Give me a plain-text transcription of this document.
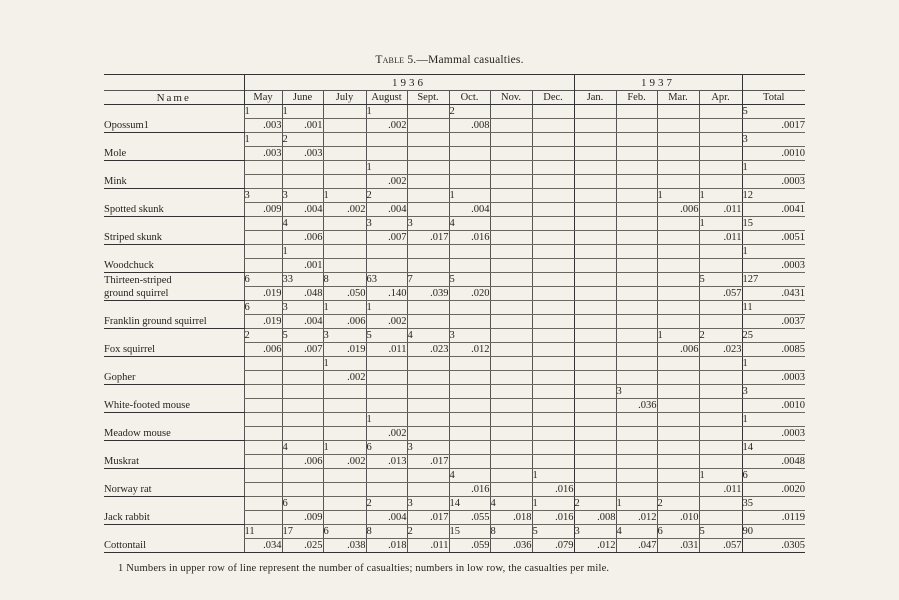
Table 5.—Mammal casualties.
	1936								1937				
Name	May	June	July	August	Sept.	Oct.	Nov.	Dec.	Jan.	Feb.	Mar.	Apr.	Total
	1	1		1		2							5
Opossum1	.003	.001		.002		.008							.0017
	1	2											3
Mole	.003	.003											.0010
				1									1
Mink				.002									.0003
	3	3	1	2		1					1	1	12
Spotted skunk	.009	.004	.002	.004		.004					.006	.011	.0041
		4		3	3	4						1	15
Striped skunk		.006		.007	.017	.016						.011	.0051
		1											1
Woodchuck		.001											.0003
Thirteen-striped	6	33	8	63	7	5						5	127
ground squirrel	.019	.048	.050	.140	.039	.020						.057	.0431
	6	3	1	1									11
Franklin ground squirrel	.019	.004	.006	.002									.0037
	2	5	3	5	4	3					1	2	25
Fox squirrel	.006	.007	.019	.011	.023	.012					.006	.023	.0085
			1										1
Gopher			.002										.0003
										3			3
White-footed mouse										.036			.0010
				1									1
Meadow mouse				.002									.0003
		4	1	6	3								14
Muskrat		.006	.002	.013	.017								.0048
						4		1				1	6
Norway rat						.016		.016				.011	.0020
		6		2	3	14	4	1	2	1	2		35
Jack rabbit		.009		.004	.017	.055	.018	.016	.008	.012	.010		.0119
	11	17	6	8	2	15	8	5	3	4	6	5	90
Cottontail	.034	.025	.038	.018	.011	.059	.036	.079	.012	.047	.031	.057	.0305
1 Numbers in upper row of line represent the number of casualties; numbers in low row, the casualties per mile.
